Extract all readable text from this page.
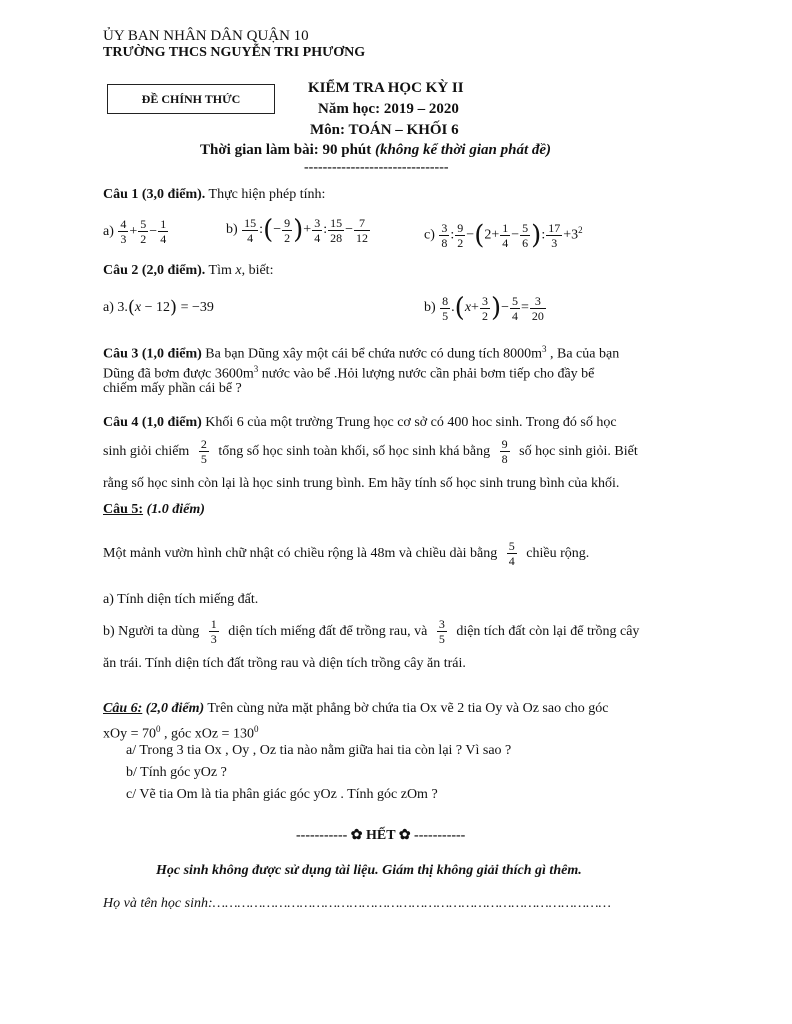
ỦY BAN NHÂN DÂN QUẬN 10
TRƯỜNG THCS NGUYỄN TRI PHƯƠNG
ĐỀ CHÍNH THỨC
KIỂM TRA HỌC KỲ II
Năm học: 2019 – 2020
Môn: TOÁN – KHỐI 6
Thời gian làm bài: 90 phút (không kể thời gian phát đề)
-------------------------------
Câu 1 (3,0 điểm). Thực hiện phép tính:
$a) \frac{4}{3} + \frac{5}{2} - \frac{1}{4}$	$b) \frac{15}{4}$ :(− $\frac{9}{2}$ )+ $\frac{3}{4}$ : $\frac{15}{28} - \frac{7}{12}$	$c) \frac{3}{8}$ : $\frac{9}{2} -(2+ \frac{1}{4} - \frac{5}{6}$ ): $\frac{17}{3} +3^2$
Câu 2 (2,0 điểm). Tìm x, biết:
a) 3.(x − 12) = −39	$b) \frac{8}{5} .(x+ \frac{3}{2}$ )− $\frac{5}{4} = \frac{3}{20}$
Câu 3 (1,0 điểm) Ba bạn Dũng xây một cái bể chứa nước có dung tích $8000m^3$ , Ba của bạn
Dũng đã bơm được $3600m^3$ nước vào bể .Hỏi lượng nước cần phải bơm tiếp cho đầy bể
chiếm mấy phần cái bể ?
Câu 4 (1,0 điểm) Khối 6 của một trường Trung học cơ sở có 400 hoc sinh. Trong đó số học
sinh giỏi chiếm $\frac{2}{5}$ tổng số học sinh toàn khối, số học sinh khá bằng $\frac{9}{8}$ số học sinh giỏi. Biết
rằng số học sinh còn lại là học sinh trung bình. Em hãy tính số học sinh trung bình của khối.
Câu 5: (1.0 điểm)
Một mảnh vườn hình chữ nhật có chiều rộng là 48m và chiều dài bằng $\frac{5}{4}$ chiều rộng.
a) Tính diện tích miếng đất.
b) Người ta dùng $\frac{1}{3}$ diện tích miếng đất để trồng rau, và $\frac{3}{5}$ diện tích đất còn lại để trồng cây
ăn trái. Tính diện tích đất trồng rau và diện tích trồng cây ăn trái.
Câu 6: (2,0 điểm) Trên cùng nửa mặt phẳng bờ chứa tia Ox vẽ 2 tia Oy và Oz sao cho góc
xOy = $70^0$ , góc xOz = $130^0$
a/ Trong 3 tia Ox , Oy , Oz tia nào nằm giữa hai tia còn lại ? Vì sao ?
b/ Tính góc yOz ?
c/ Vẽ tia Om là tia phân giác góc yOz . Tính góc zOm ?
----------- ✿ HẾT ✿ -----------
Học sinh không được sử dụng tài liệu. Giám thị không giải thích gì thêm.
Họ và tên học sinh:……………………………………………………………………………………
